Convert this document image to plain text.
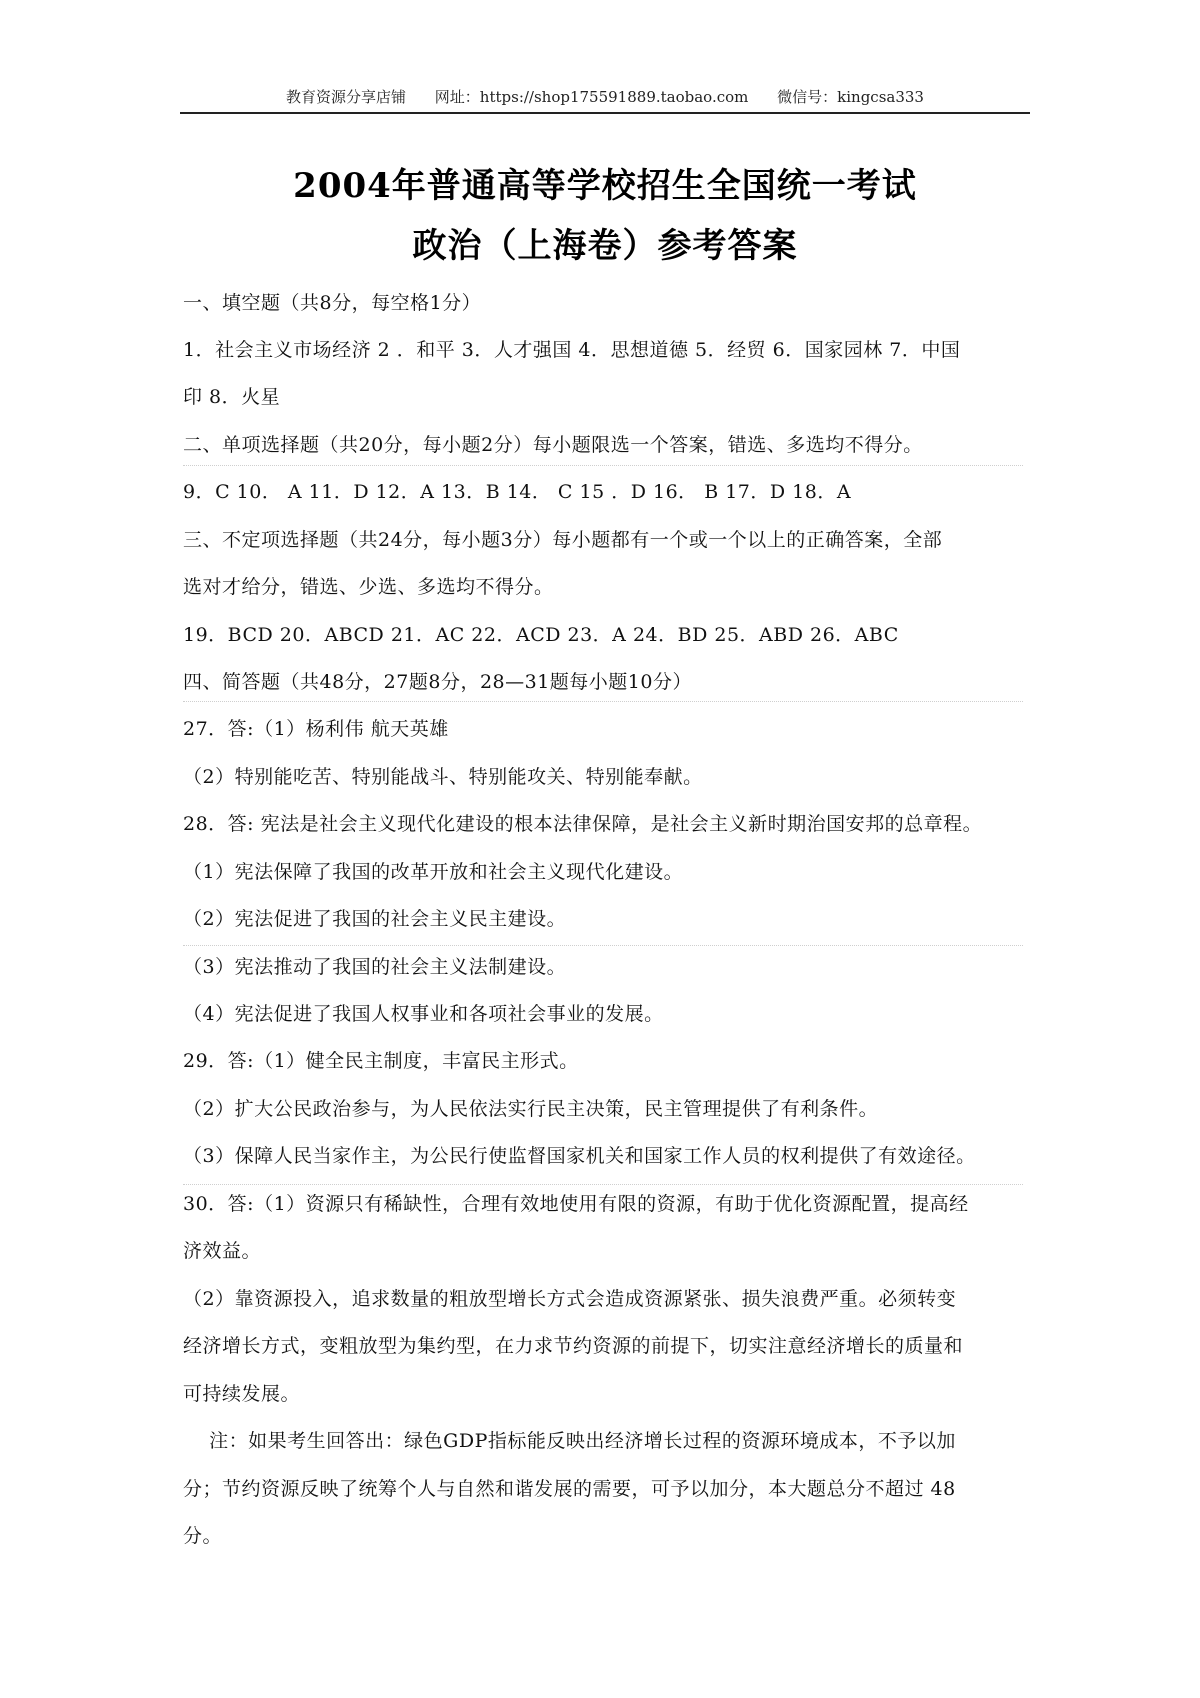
教育资源分享店铺 网址：https://shop175591889.taobao.com 微信号：kingcsa333
2004年普通高等学校招生全国统一考试
政治（上海卷）参考答案
一、填空题（共8分，每空格1分）
1．社会主义市场经济 2 ．和平 3．人才强国 4．思想道德 5．经贸 6．国家园林 7．中国
印 8．火星
二、单项选择题（共20分，每小题2分）每小题限选一个答案，错选、多选均不得分。
9．C 10． A 11．D 12．A 13．B 14． C 15 ．D 16． B 17．D 18．A
三、不定项选择题（共24分，每小题3分）每小题都有一个或一个以上的正确答案，全部
选对才给分，错选、少选、多选均不得分。
19．BCD 20．ABCD 21．AC 22．ACD 23．A 24．BD 25．ABD 26．ABC
四、简答题（共48分，27题8分，28—31题每小题10分）
27．答:（1）杨利伟 航天英雄
（2）特别能吃苦、特别能战斗、特别能攻关、特别能奉献。
28．答: 宪法是社会主义现代化建设的根本法律保障，是社会主义新时期治国安邦的总章程。
（1）宪法保障了我国的改革开放和社会主义现代化建设。
（2）宪法促进了我国的社会主义民主建设。
（3）宪法推动了我国的社会主义法制建设。
（4）宪法促进了我国人权事业和各项社会事业的发展。
29．答:（1）健全民主制度，丰富民主形式。
（2）扩大公民政治参与，为人民依法实行民主决策，民主管理提供了有利条件。
（3）保障人民当家作主，为公民行使监督国家机关和国家工作人员的权利提供了有效途径。
30．答:（1）资源只有稀缺性，合理有效地使用有限的资源，有助于优化资源配置，提高经
济效益。
（2）靠资源投入，追求数量的粗放型增长方式会造成资源紧张、损失浪费严重。必须转变
经济增长方式，变粗放型为集约型，在力求节约资源的前提下，切实注意经济增长的质量和
可持续发展。
注：如果考生回答出：绿色GDP指标能反映出经济增长过程的资源环境成本，不予以加
分；节约资源反映了统筹个人与自然和谐发展的需要，可予以加分，本大题总分不超过 48
分。
